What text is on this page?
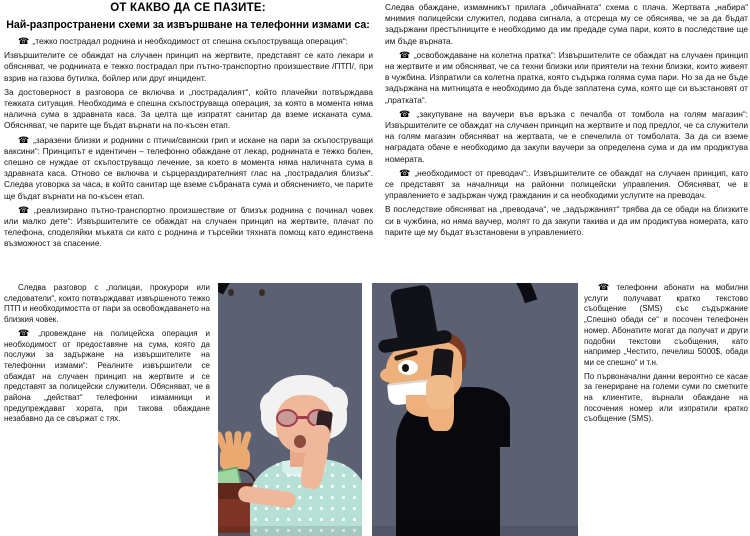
ОТ КАКВО ДА СЕ ПАЗИТЕ:
Най-разпространени схеми за извършване на телефонни измами са:

☎ „тежко пострадал роднина и необходимост от спешна скъпоструваща операция“:

Извършителите се обаждат на случаен принцип на жертвите, представят се като лекари и обясняват, че роднината е тежко пострадал при пътно-транспортно произшествие /ПТП/, при взрив на газова бутилка, бойлер или друг инцидент.

За достоверност в разговора се включва и „пострадалият“, който плачейки потвърждава тежката ситуация. Необходима е спешна скъпоструваща операция, за която в момента няма налична сума в здравната каса. За целта ще изпратят санитар да вземе исканата сума. Обясняват, че парите ще бъдат върнати на по-късен етап.

☎ „заразени близки и роднини с птичи/свински грип и искане на пари за скъпоструващи ваксини“: Принципът е идентичен – телефонно обаждане от лекар, роднината е тежко болен, спешно се нуждае от скъпоструващо лечение, за което в момента няма наличната сума в здравната каса. Отново се включва и сърцераздирателният глас на „пострадалия близък“. Следва уговорка за часа, в който санитар ще вземе събраната сума и обяснението, че парите ще бъдат върнати на по-късен етап.

☎ „реализирано пътно-транспортно произшествие от близък роднина с починал човек или малко дете“: Извършителите се обаждат на случаен принцип на жертвите, плачат по телефона, споделяйки мъката си като с роднина и търсейки тяхната помощ като единствена възможност за спасение.

Следва разговор с „полицаи, прокурори или следователи“, които потвърждават извършеното тежко ПТП и необходимостта от пари за освобождаването на близкия човек.

☎ „провеждане на полицейска операция и необходимост от предоставяне на сума, която да послужи за задържане на извършителите на телефонни измами“: Реалните извършители се обаждат на случаен принцип на жертвите и се представят за полицейски служители. Обясняват, че в района „действат“ телефонни измамници и предупреждават хората, при такова обаждане незабавно да се свържат с тях.

Следва обаждане, измамникът прилага „обичайната“ схема с плача. Жертвата „набира“ мнимия полицейски служител, подава сигнала, а отсреща му се обяснява, че за да бъдат задържани престъпниците е необходимо да им предаде сума пари, която в последствие ще им бъде върната.

☎ „освобождаване на колетна пратка“: Извършителите се обаждат на случаен принцип на жертвите и им обясняват, че са техни близки или приятели на техни близки, които живеят в чужбина. Изпратили са колетна пратка, която съдържа голяма сума пари. Но за да не бъде задържана на митницата е необходимо да бъде заплатена сума, която ще си възстановят от „пратката“.

☎ „закупуване на ваучери във връзка с печалба от томбола на голям магазин“: Извършителите се обаждат на случаен принцип на жертвите и под предлог, че са служители на голям магазин обясняват на жертвата, че е спечелила от томболата. За да си вземе наградата обаче е необходимо да закупи ваучери за определена сума и да им продиктува номерата.

☎ „необходимост от преводач“:. Извършителите се обаждат на случаен принцип, като се представят за началници на районни полицейски управления. Обясняват, че в управлението е задържан чужд гражданин и са необходими услугите на преводач.

В последствие обясняват на „преводача“, че „задържаният“ трябва да се обади на близките си в чужбина, но няма ваучер, молят го да закупи такива и да им продиктува номерата, като парите ще му бъдат възстановени в управлението.

☎ телефонни абонати на мобилни услуги получават кратко текстово съобщение (SMS) със съдържание „Спешно обади се“ и посочен телефонен номер. Абонатите могат да получат и други подобни текстови съобщения, като например „Честито, печелиш 5000$, обади ми се спешно“ и т.н.

По първоначални данни вероятно се касае за генериране на големи суми по сметките на клиентите, върнали обаждане на посочения номер или изпратили кратко съобщение (SMS).
